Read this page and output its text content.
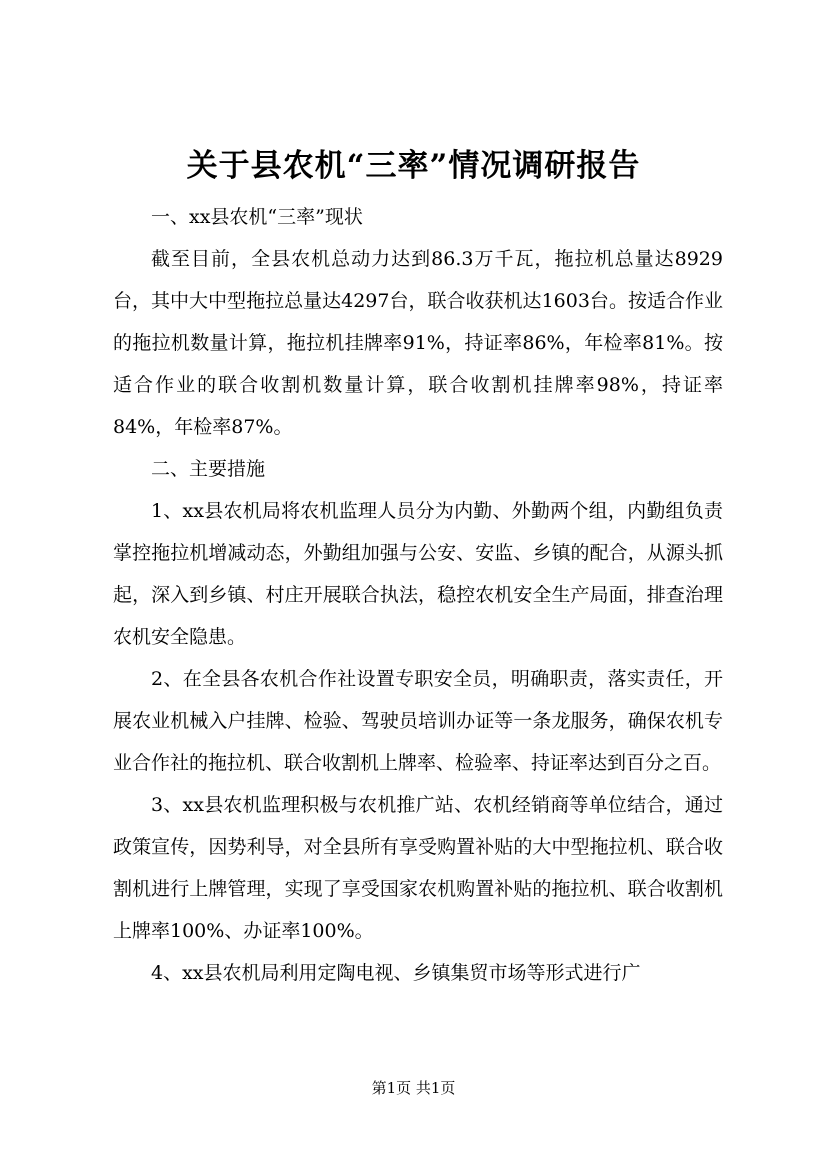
关于县农机“三率”情况调研报告

一、xx县农机“三率”现状

截至目前，全县农机总动力达到86.3万千瓦，拖拉机总量达8929台，其中大中型拖拉总量达4297台，联合收获机达1603台。按适合作业的拖拉机数量计算，拖拉机挂牌率91%，持证率86%，年检率81%。按适合作业的联合收割机数量计算，联合收割机挂牌率98%，持证率84%，年检率87%。

二、主要措施

1、xx县农机局将农机监理人员分为内勤、外勤两个组，内勤组负责掌控拖拉机增减动态，外勤组加强与公安、安监、乡镇的配合，从源头抓起，深入到乡镇、村庄开展联合执法，稳控农机安全生产局面，排查治理农机安全隐患。

2、在全县各农机合作社设置专职安全员，明确职责，落实责任，开展农业机械入户挂牌、检验、驾驶员培训办证等一条龙服务，确保农机专业合作社的拖拉机、联合收割机上牌率、检验率、持证率达到百分之百。

3、xx县农机监理积极与农机推广站、农机经销商等单位结合，通过政策宣传，因势利导，对全县所有享受购置补贴的大中型拖拉机、联合收割机进行上牌管理，实现了享受国家农机购置补贴的拖拉机、联合收割机上牌率100%、办证率100%。

4、xx县农机局利用定陶电视、乡镇集贸市场等形式进行广

第1页 共1页
